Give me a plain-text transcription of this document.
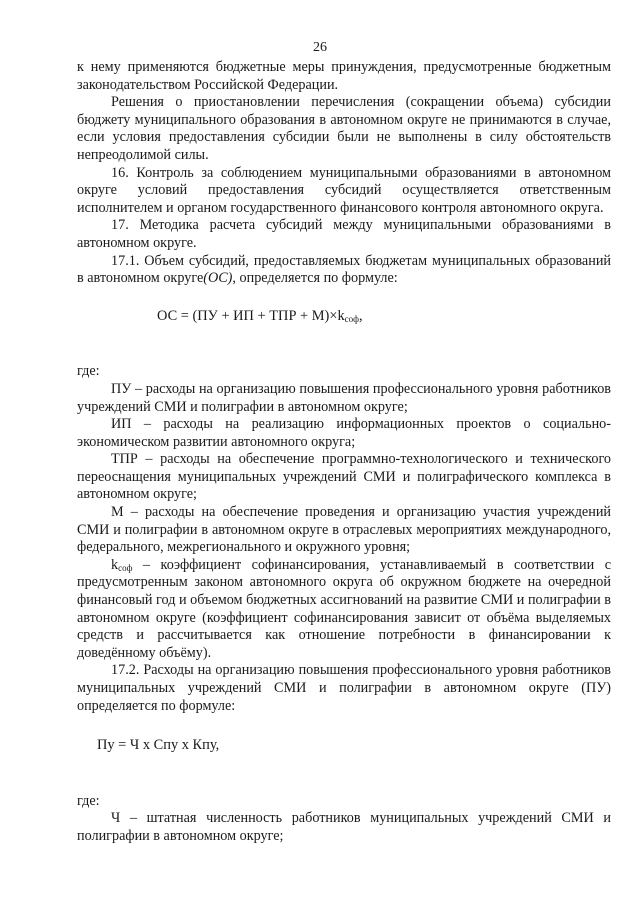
26

к нему применяются бюджетные меры принуждения, предусмотренные бюджетным законодательством Российской Федерации.

Решения о приостановлении перечисления (сокращении объема) субсидии бюджету муниципального образования в автономном округе не принимаются в случае, если условия предоставления субсидии были не выполнены в силу обстоятельств непреодолимой силы.

16. Контроль за соблюдением муниципальными образованиями в автономном округе условий предоставления субсидий осуществляется ответственным исполнителем и органом государственного финансового контроля автономного округа.

17. Методика расчета субсидий между муниципальными образованиями в автономном округе.

17.1. Объем субсидий, предоставляемых бюджетам муниципальных образований в автономном округе(ОС), определяется по формуле:

ОС = (ПУ + ИП + ТПР + $М)\times k_{соф}$,

где:

ПУ – расходы на организацию повышения профессионального уровня работников учреждений СМИ и полиграфии в автономном округе;

ИП – расходы на реализацию информационных проектов о социально-экономическом развитии автономного округа;

ТПР – расходы на обеспечение программно-технологического и технического переоснащения муниципальных учреждений СМИ и полиграфического комплекса в автономном округе;

М – расходы на обеспечение проведения и организацию участия учреждений СМИ и полиграфии в автономном округе в отраслевых мероприятиях международного, федерального, межрегионального и окружного уровня;

$k_{соф}$ – коэффициент софинансирования, устанавливаемый в соответствии с предусмотренным законом автономного округа об окружном бюджете на очередной финансовый год и объемом бюджетных ассигнований на развитие СМИ и полиграфии в автономном округе (коэффициент софинансирования зависит от объёма выделяемых средств и рассчитывается как отношение потребности в финансировании к доведённому объёму).

17.2. Расходы на организацию повышения профессионального уровня работников муниципальных учреждений СМИ и полиграфии в автономном округе (ПУ) определяется по формуле:

Пу = Ч х Спу х Кпу,

где:

Ч – штатная численность работников муниципальных учреждений СМИ и полиграфии в автономном округе;
